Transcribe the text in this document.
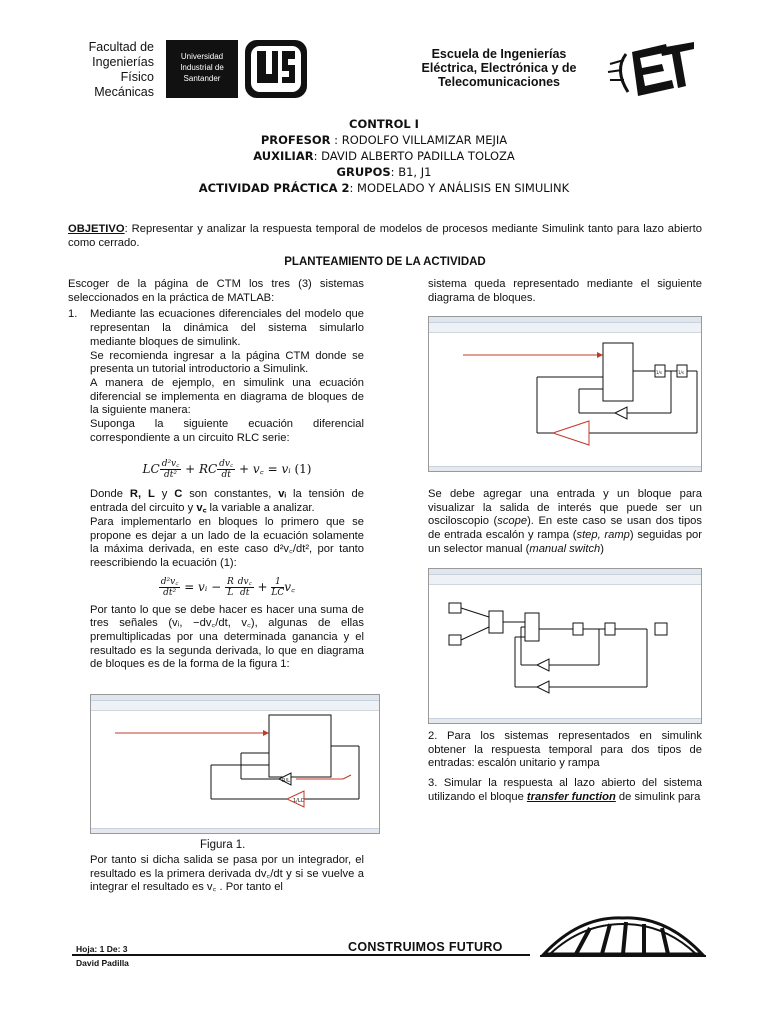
Facultad de
Ingenierías
Físico
Mecánicas
Universidad
Industrial de
Santander
Escuela de Ingenierías
Eléctrica, Electrónica y de
Telecomunicaciones
CONTROL I
PROFESOR : RODOLFO VILLAMIZAR MEJIA
AUXILIAR: DAVID ALBERTO PADILLA TOLOZA
GRUPOS: B1, J1
ACTIVIDAD PRÁCTICA 2: MODELADO Y ANÁLISIS EN SIMULINK
OBJETIVO: Representar y analizar la respuesta temporal de modelos de procesos mediante Simulink tanto para lazo abierto como cerrado.
PLANTEAMIENTO DE LA ACTIVIDAD

Escoger de la página de CTM los tres (3) sistemas seleccionados en la práctica de MATLAB:

1. Mediante las ecuaciones diferenciales del modelo que representan la dinámica del sistema simularlo mediante bloques de simulink.

Se recomienda ingresar a la página CTM donde se presenta un tutorial introductorio a Simulink.

A manera de ejemplo, en simulink una ecuación diferencial se implementa en diagrama de bloques de la siguiente manera:

Suponga la siguiente ecuación diferencial correspondiente a un circuito RLC serie:

LC $\frac{\text{d²v꜀}}{\text{dt²}}$ + RC $\frac{dv꜀}{dt}$ + v꜀ = vᵢ (1)

Donde R, L y C son constantes, vᵢ la tensión de entrada del circuito y v꜀ la variable a analizar.

Para implementarlo en bloques lo primero que se propone es dejar a un lado de la ecuación solamente la máxima derivada, en este caso d²v꜀/dt², por tanto reescribiendo la ecuación (1):

$\frac{\text{d²v꜀}}{\text{dt²}}$ = vᵢ − $\frac{R}{L} \frac{dv꜀}{dt} + \frac{1}{LC}$ v꜀

Por tanto lo que se debe hacer es hacer una suma de tres señales (vᵢ, −dv꜀/dt, v꜀), algunas de ellas premultiplicadas por una determinada ganancia y el resultado es la segunda derivada, lo que en diagrama de bloques es de la forma de la figura 1:

1/LC
R/L
Figura 1.

Por tanto si dicha salida se pasa por un integrador, el resultado es la primera derivada dv꜀/dt y si se vuelve a integrar el resultado es v꜀ . Por tanto el

sistema queda representado mediante el siguiente diagrama de bloques.

1/s	1/s

Se debe agregar una entrada y un bloque para visualizar la salida de interés que puede ser un osciloscopio (scope). En este caso se usan dos tipos de entrada escalón y rampa (step, ramp) seguidas por un selector manual (manual switch)

2. Para los sistemas representados en simulink obtener la respuesta temporal para dos tipos de entradas: escalón unitario y rampa

3. Simular la respuesta al lazo abierto del sistema utilizando el bloque transfer function de simulink para

Hoja: 1 De: 3
David Padilla
CONSTRUIMOS FUTURO
